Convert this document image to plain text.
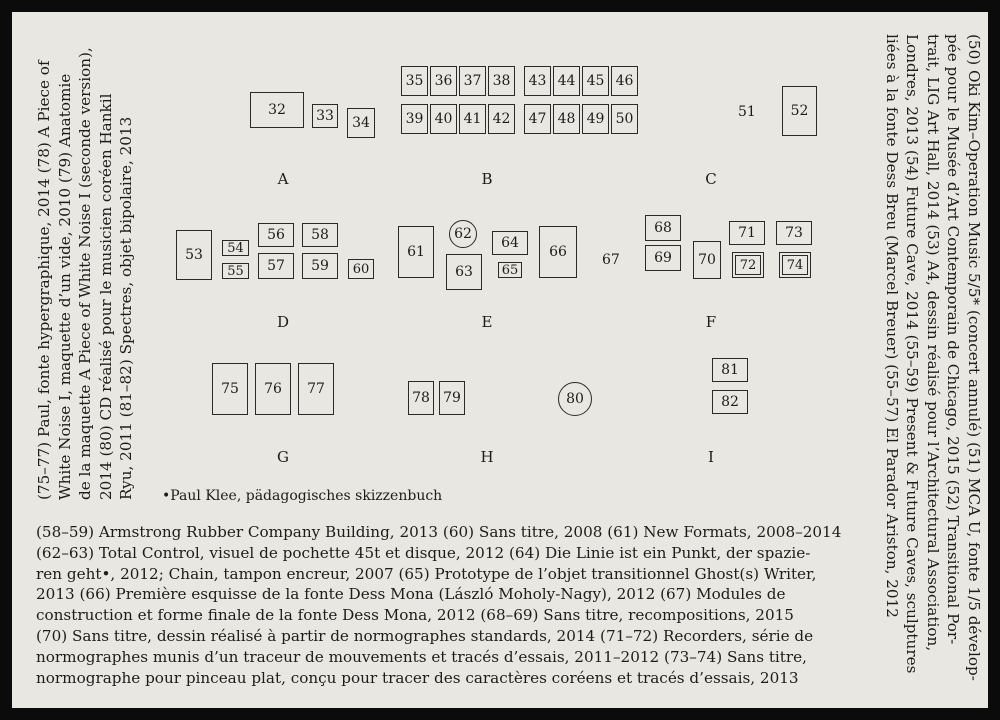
(75–77) Paul, fonte hypergraphique, 2014 (78) A Piece of White Noise I, maquette d’un vide, 2010 (79) Anatomie de la maquette A Piece of White Noise I (seconde version), 2014 (80) CD réalisé pour le musicien coréen Hankil Ryu, 2011 (81–82) Spectres, objet bipolaire, 2013	(50) Oki Kim–Operation Music 5/5* (concert annulé) (51) MCA U, fonte 1/5 dévelop-
pée pour le Musée d’Art Contemporain de Chicago, 2015 (52) Transitional Por-
trait, LIG Art Hall, 2014 (53) A4, dessin réalisé pour l’Architectural Association,
Londres, 2013 (54) Future Cave, 2014 (55–59) Present & Future Caves, sculptures
liées à la fonte Dess Breu (Marcel Breuer) (55–57) El Parador Ariston, 2012
32	33	34
35 36 37 38	43 44 45 46
39 40 41 42	47 48 49 50	51	52
A	B	C
53	54
55
56
57
58
59	60
61
62
63
64
65
66	67
68
69	70
71
72
73
74
D	E	F
75	76	77
78 79	80
81
82
G	H	I
•Paul Klee, pädagogisches skizzenbuch
(58–59) Armstrong Rubber Company Building, 2013 (60) Sans titre, 2008 (61) New Formats, 2008–2014
(62–63) Total Control, visuel de pochette 45t et disque, 2012 (64) Die Linie ist ein Punkt, der spazie-
ren geht•, 2012; Chain, tampon encreur, 2007 (65) Prototype de l’objet transitionnel Ghost(s) Writer,
2013 (66) Première esquisse de la fonte Dess Mona (László Moholy-Nagy), 2012 (67) Modules de
construction et forme finale de la fonte Dess Mona, 2012 (68–69) Sans titre, recompositions, 2015
(70) Sans titre, dessin réalisé à partir de normographes standards, 2014 (71–72) Recorders, série de
normographes munis d’un traceur de mouvements et tracés d’essais, 2011–2012 (73–74) Sans titre,
normographe pour pinceau plat, conçu pour tracer des caractères coréens et tracés d’essais, 2013
